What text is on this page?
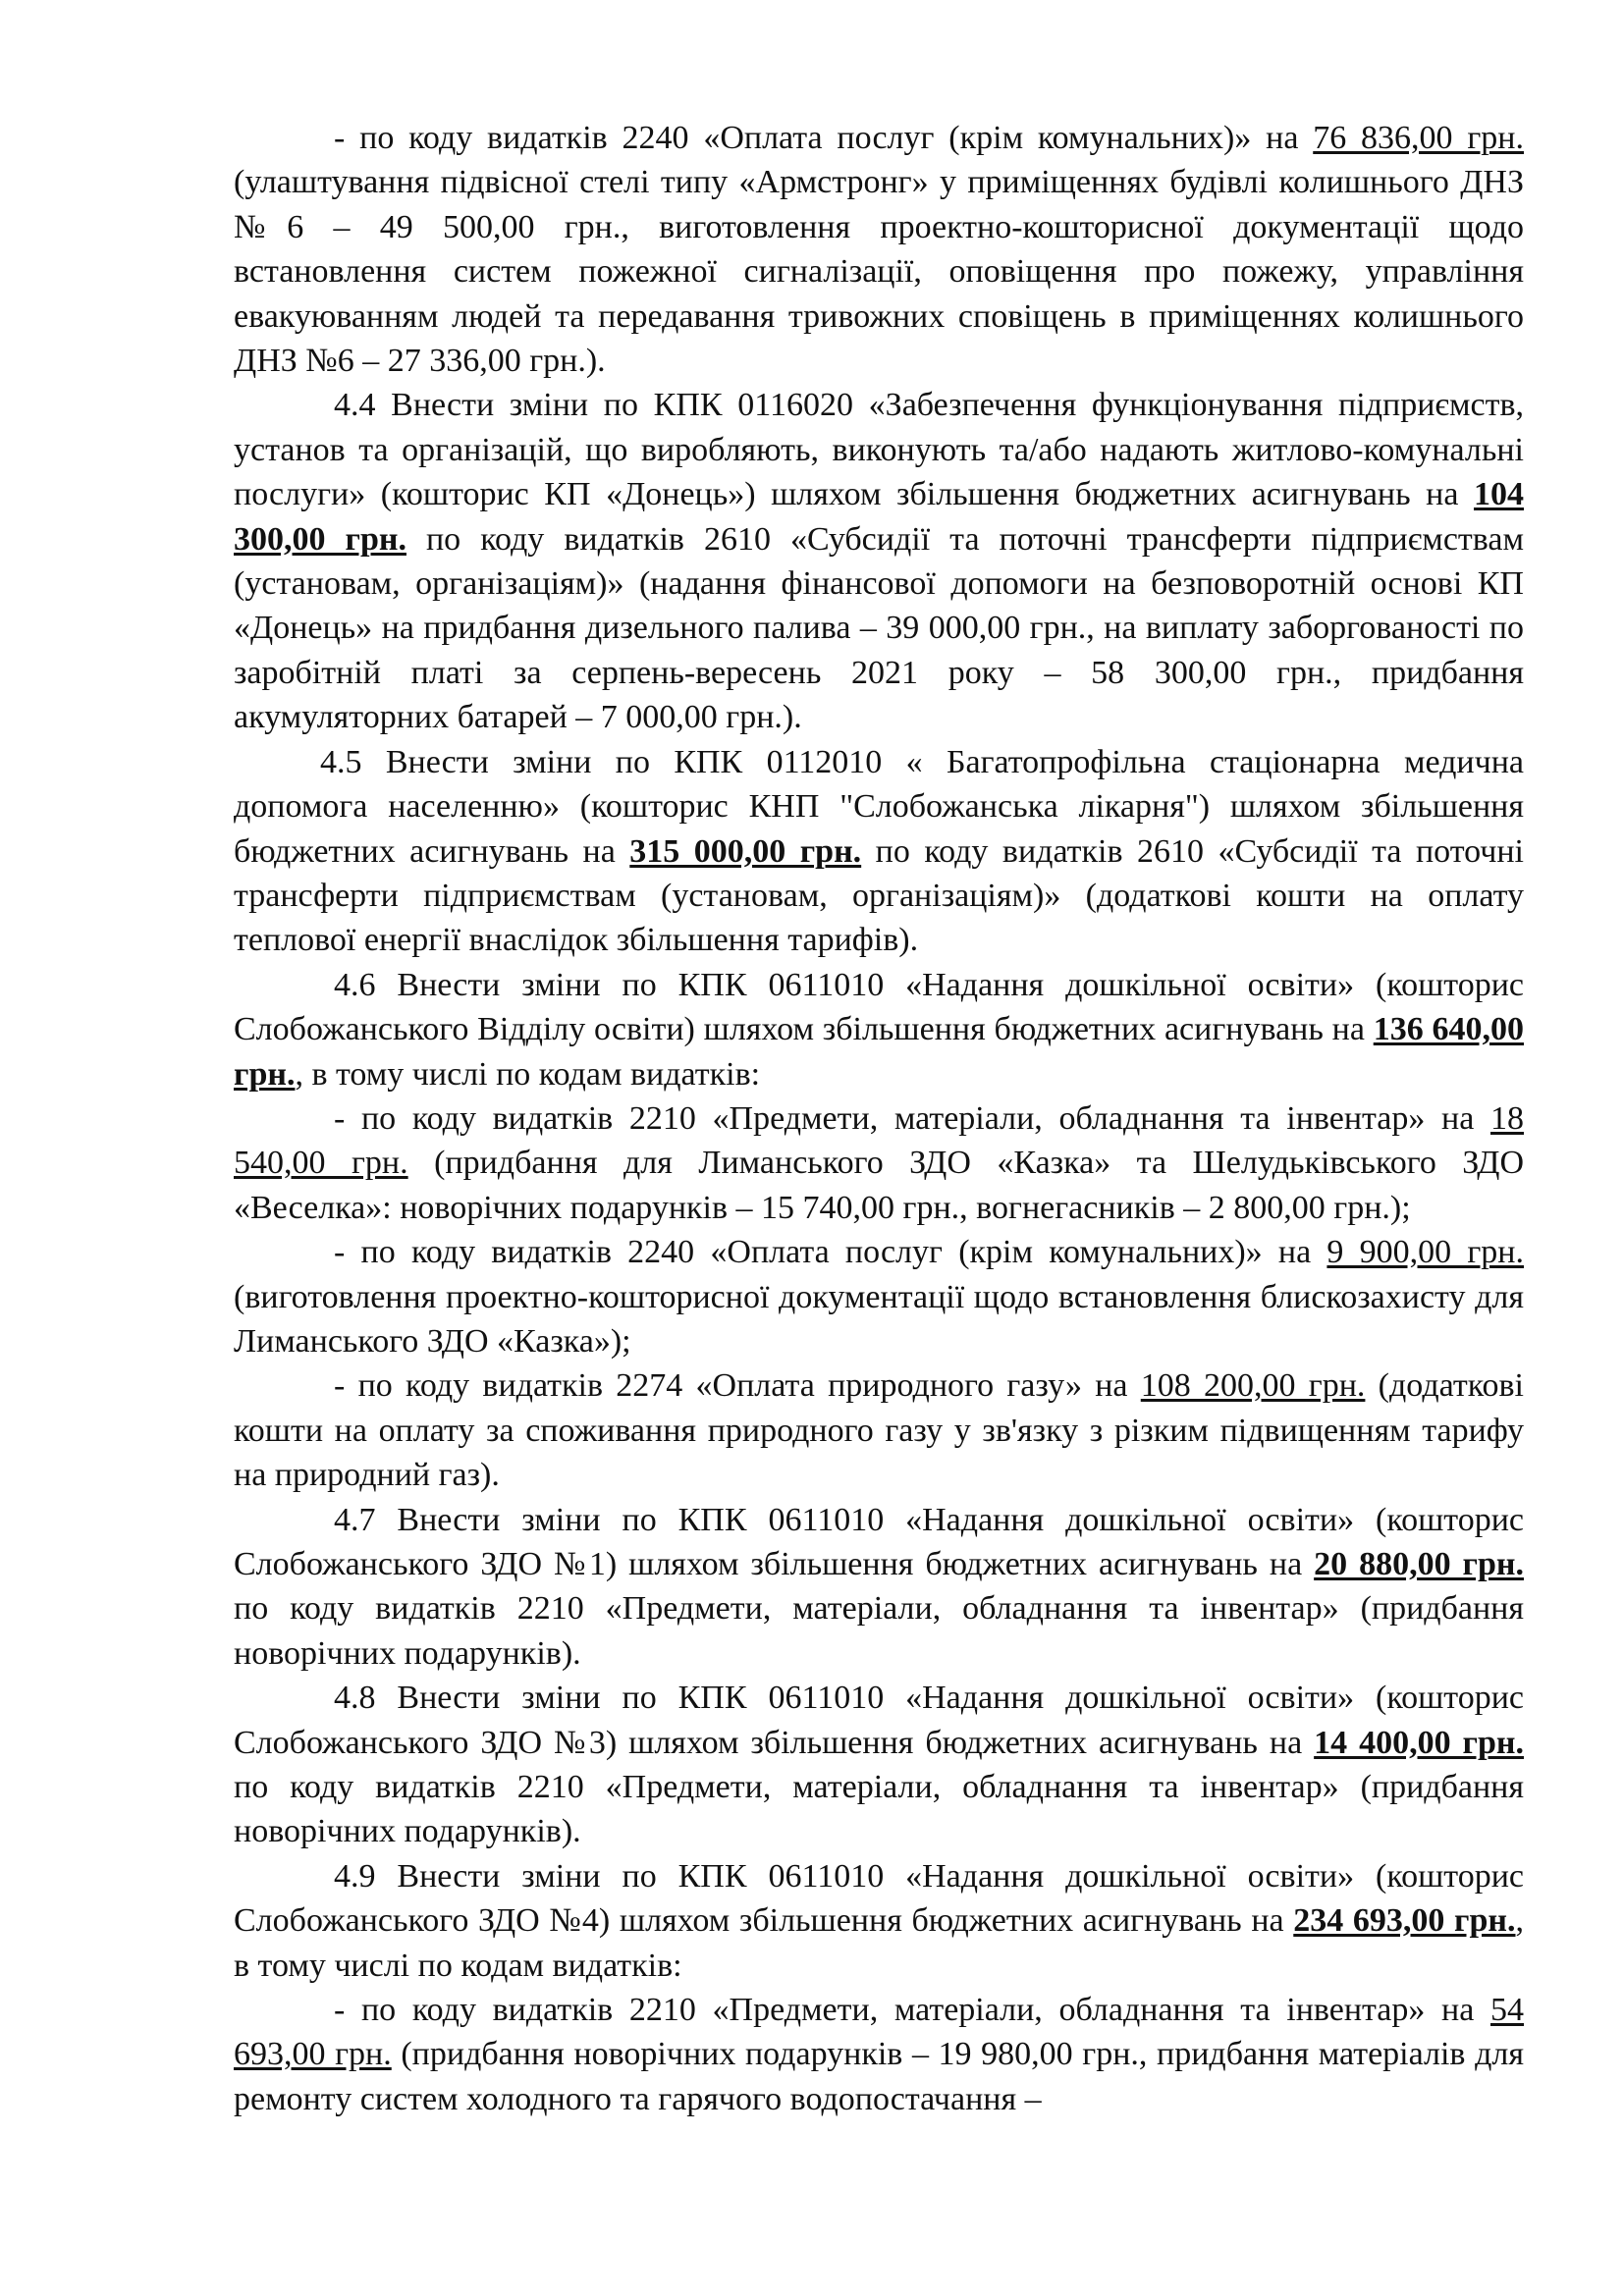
- по коду видатків 2240 «Оплата послуг (крім комунальних)» на 76 836,00 грн. (улаштування підвісної стелі типу «Армстронг» у приміщеннях будівлі колишнього ДНЗ №6 – 49 500,00 грн., виготовлення проектно-кошторисної документації щодо встановлення систем пожежної сигналізації, оповіщення про пожежу, управління евакуюванням людей та передавання тривожних сповіщень в приміщеннях колишнього ДНЗ №6 – 27 336,00 грн.).

4.4 Внести зміни по КПК 0116020 «Забезпечення функціонування підприємств, установ та організацій, що виробляють, виконують та/або надають житлово-комунальні послуги» (кошторис КП «Донець») шляхом збільшення бюджетних асигнувань на 104 300,00 грн. по коду видатків 2610 «Субсидії та поточні трансферти підприємствам (установам, організаціям)» (надання фінансової допомоги на безповоротній основі КП «Донець» на придбання дизельного палива – 39 000,00 грн., на виплату заборгованості по заробітній платі за серпень-вересень 2021 року – 58 300,00 грн., придбання акумуляторних батарей – 7 000,00 грн.).

4.5 Внести зміни по КПК 0112010 « Багатопрофільна стаціонарна медична допомога населенню» (кошторис КНП "Слобожанська лікарня") шляхом збільшення бюджетних асигнувань на 315 000,00 грн. по коду видатків 2610 «Субсидії та поточні трансферти підприємствам (установам, організаціям)» (додаткові кошти на оплату теплової енергії внаслідок збільшення тарифів).

4.6 Внести зміни по КПК 0611010 «Надання дошкільної освіти» (кошторис Слобожанського Відділу освіти) шляхом збільшення бюджетних асигнувань на 136 640,00 грн., в тому числі по кодам видатків:

- по коду видатків 2210 «Предмети, матеріали, обладнання та інвентар» на 18 540,00 грн. (придбання для Лиманського ЗДО «Казка» та Шелудьківського ЗДО «Веселка»: новорічних подарунків – 15 740,00 грн., вогнегасників – 2 800,00 грн.);

- по коду видатків 2240 «Оплата послуг (крім комунальних)» на 9 900,00 грн. (виготовлення проектно-кошторисної документації щодо встановлення блискозахисту для Лиманського ЗДО «Казка»);

- по коду видатків 2274 «Оплата природного газу» на 108 200,00 грн. (додаткові кошти на оплату за споживання природного газу у зв'язку з різким підвищенням тарифу на природний газ).

4.7 Внести зміни по КПК 0611010 «Надання дошкільної освіти» (кошторис Слобожанського ЗДО №1) шляхом збільшення бюджетних асигнувань на 20 880,00 грн. по коду видатків 2210 «Предмети, матеріали, обладнання та інвентар» (придбання новорічних подарунків).

4.8 Внести зміни по КПК 0611010 «Надання дошкільної освіти» (кошторис Слобожанського ЗДО №3) шляхом збільшення бюджетних асигнувань на 14 400,00 грн. по коду видатків 2210 «Предмети, матеріали, обладнання та інвентар» (придбання новорічних подарунків).

4.9 Внести зміни по КПК 0611010 «Надання дошкільної освіти» (кошторис Слобожанського ЗДО №4) шляхом збільшення бюджетних асигнувань на 234 693,00 грн., в тому числі по кодам видатків:

- по коду видатків 2210 «Предмети, матеріали, обладнання та інвентар» на 54 693,00 грн. (придбання новорічних подарунків – 19 980,00 грн., придбання матеріалів для ремонту систем холодного та гарячого водопостачання –
